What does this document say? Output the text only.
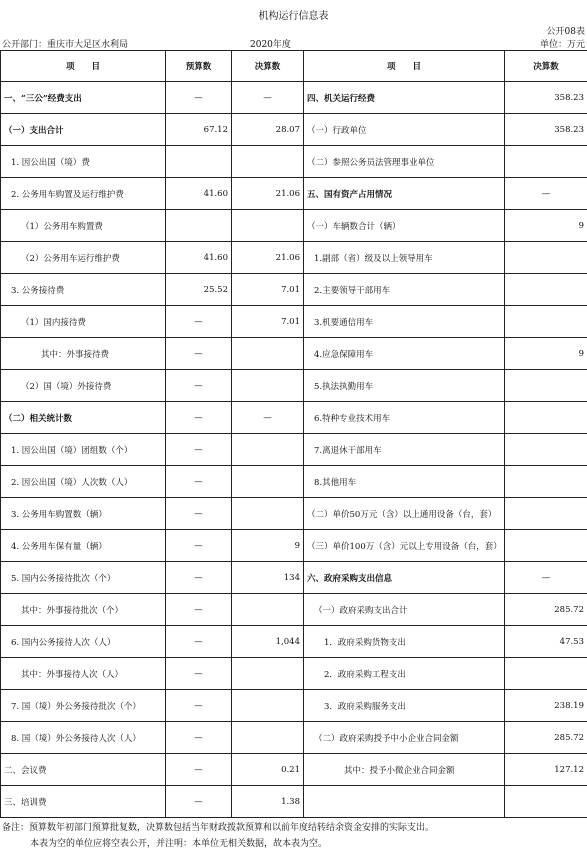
机构运行信息表
公开08表
公开部门：重庆市大足区水利局	2020年度	单位：万元
项　　目	预算数	决算数	项　　目	决算数
一、“三公”经费支出	—	—	四、机关运行经费	358.23
（一）支出合计	67.12	28.07	（一）行政单位	358.23
1. 因公出国（境）费			（二）参照公务员法管理事业单位	
2. 公务用车购置及运行维护费	41.60	21.06	五、国有资产占用情况	—
（1）公务用车购置费			（一）车辆数合计（辆）	9
（2）公务用车运行维护费	41.60	21.06	1.副部（省）级及以上领导用车	
3. 公务接待费	25.52	7.01	2.主要领导干部用车	
（1）国内接待费	—	7.01	3.机要通信用车	
其中：外事接待费	—		4.应急保障用车	9
（2）国（境）外接待费	—		5.执法执勤用车	
（二）相关统计数	—	—	6.特种专业技术用车	
1. 因公出国（境）团组数（个）	—		7.离退休干部用车	
2. 因公出国（境）人次数（人）	—		8.其他用车	
3. 公务用车购置数（辆）	—		（二）单价50万元（含）以上通用设备（台，套）	
4. 公务用车保有量（辆）	—	9	（三）单价100万（含）元以上专用设备（台，套）	
5. 国内公务接待批次（个）	—	134	六、政府采购支出信息	—
其中：外事接待批次（个）	—		（一）政府采购支出合计	285.72
6. 国内公务接待人次（人）	—	1,044	1．政府采购货物支出	47.53
其中：外事接待人次（人）	—		2．政府采购工程支出	
7. 国（境）外公务接待批次（个）	—		3．政府采购服务支出	238.19
8. 国（境）外公务接待人次（人）	—		（二）政府采购授予中小企业合同金额	285.72
二、会议费	—	0.21	其中：授予小微企业合同金额	127.12
三、培训费	—	1.38		
备注：预算数年初部门预算批复数，决算数包括当年财政拨款预算和以前年度结转结余资金安排的实际支出。
本表为空的单位应将空表公开，并注明：本单位无相关数据，故本表为空。
